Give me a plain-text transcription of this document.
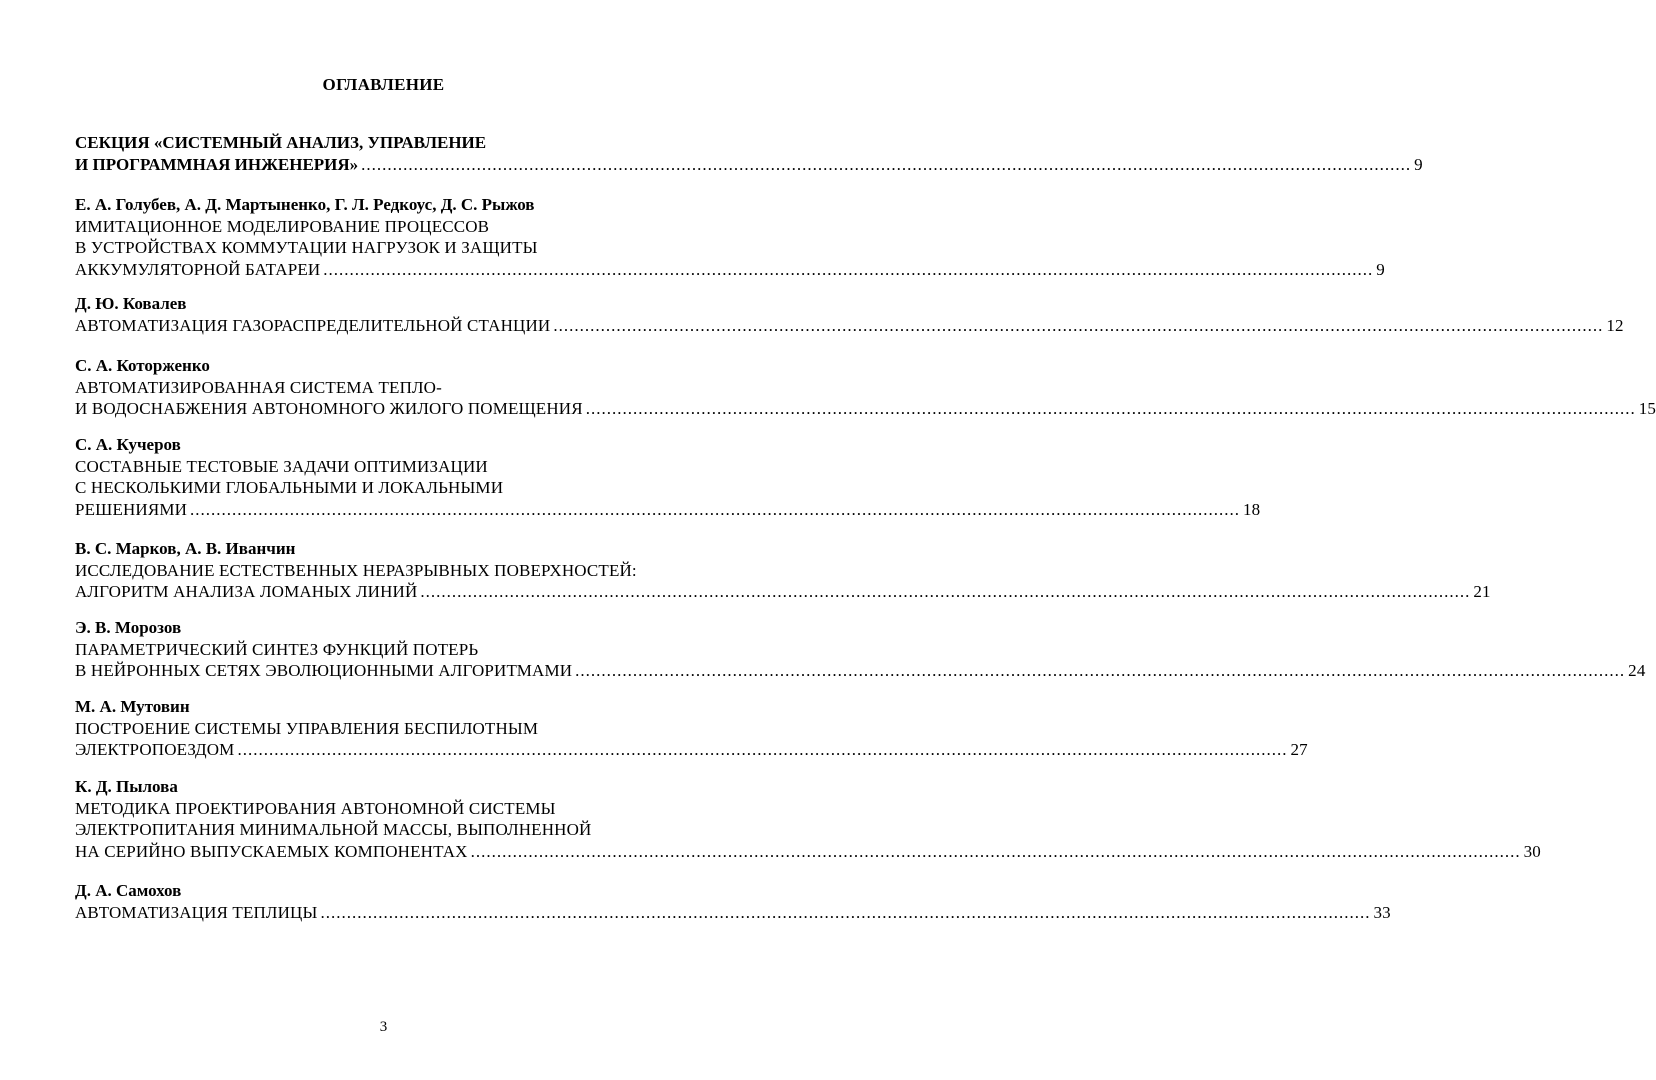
ОГЛАВЛЕНИЕ
СЕКЦИЯ «СИСТЕМНЫЙ АНАЛИЗ, УПРАВЛЕНИЕ
И ПРОГРАММНАЯ ИНЖЕНЕРИЯ» ........................................................................................................................................................................................................ 9
Е. А. Голубев, А. Д. Мартыненко, Г. Л. Редкоус, Д. С. Рыжов
ИМИТАЦИОННОЕ МОДЕЛИРОВАНИЕ ПРОЦЕССОВ
В УСТРОЙСТВАХ КОММУТАЦИИ НАГРУЗОК И ЗАЩИТЫ
АККУМУЛЯТОРНОЙ БАТАРЕИ ........................................................................................................................................................................................................ 9
Д. Ю. Ковалев
АВТОМАТИЗАЦИЯ ГАЗОРАСПРЕДЕЛИТЕЛЬНОЙ СТАНЦИИ ........................................................................................................................................................................................................ 12
С. А. Которженко
АВТОМАТИЗИРОВАННАЯ СИСТЕМА ТЕПЛО-
И ВОДОСНАБЖЕНИЯ АВТОНОМНОГО ЖИЛОГО ПОМЕЩЕНИЯ ........................................................................................................................................................................................................ 15
С. А. Кучеров
СОСТАВНЫЕ ТЕСТОВЫЕ ЗАДАЧИ ОПТИМИЗАЦИИ
С НЕСКОЛЬКИМИ ГЛОБАЛЬНЫМИ И ЛОКАЛЬНЫМИ
РЕШЕНИЯМИ ........................................................................................................................................................................................................ 18
В. С. Марков, А. В. Иванчин
ИССЛЕДОВАНИЕ ЕСТЕСТВЕННЫХ НЕРАЗРЫВНЫХ ПОВЕРХНОСТЕЙ:
АЛГОРИТМ АНАЛИЗА ЛОМАНЫХ ЛИНИЙ ........................................................................................................................................................................................................ 21
Э. В. Морозов
ПАРАМЕТРИЧЕСКИЙ СИНТЕЗ ФУНКЦИЙ ПОТЕРЬ
В НЕЙРОННЫХ СЕТЯХ ЭВОЛЮЦИОННЫМИ АЛГОРИТМАМИ ........................................................................................................................................................................................................ 24
М. А. Мутовин
ПОСТРОЕНИЕ СИСТЕМЫ УПРАВЛЕНИЯ БЕСПИЛОТНЫМ
ЭЛЕКТРОПОЕЗДОМ ........................................................................................................................................................................................................ 27
К. Д. Пылова
МЕТОДИКА ПРОЕКТИРОВАНИЯ АВТОНОМНОЙ СИСТЕМЫ
ЭЛЕКТРОПИТАНИЯ МИНИМАЛЬНОЙ МАССЫ, ВЫПОЛНЕННОЙ
НА СЕРИЙНО ВЫПУСКАЕМЫХ КОМПОНЕНТАХ ........................................................................................................................................................................................................ 30
Д. А. Самохов
АВТОМАТИЗАЦИЯ ТЕПЛИЦЫ ........................................................................................................................................................................................................ 33
3
